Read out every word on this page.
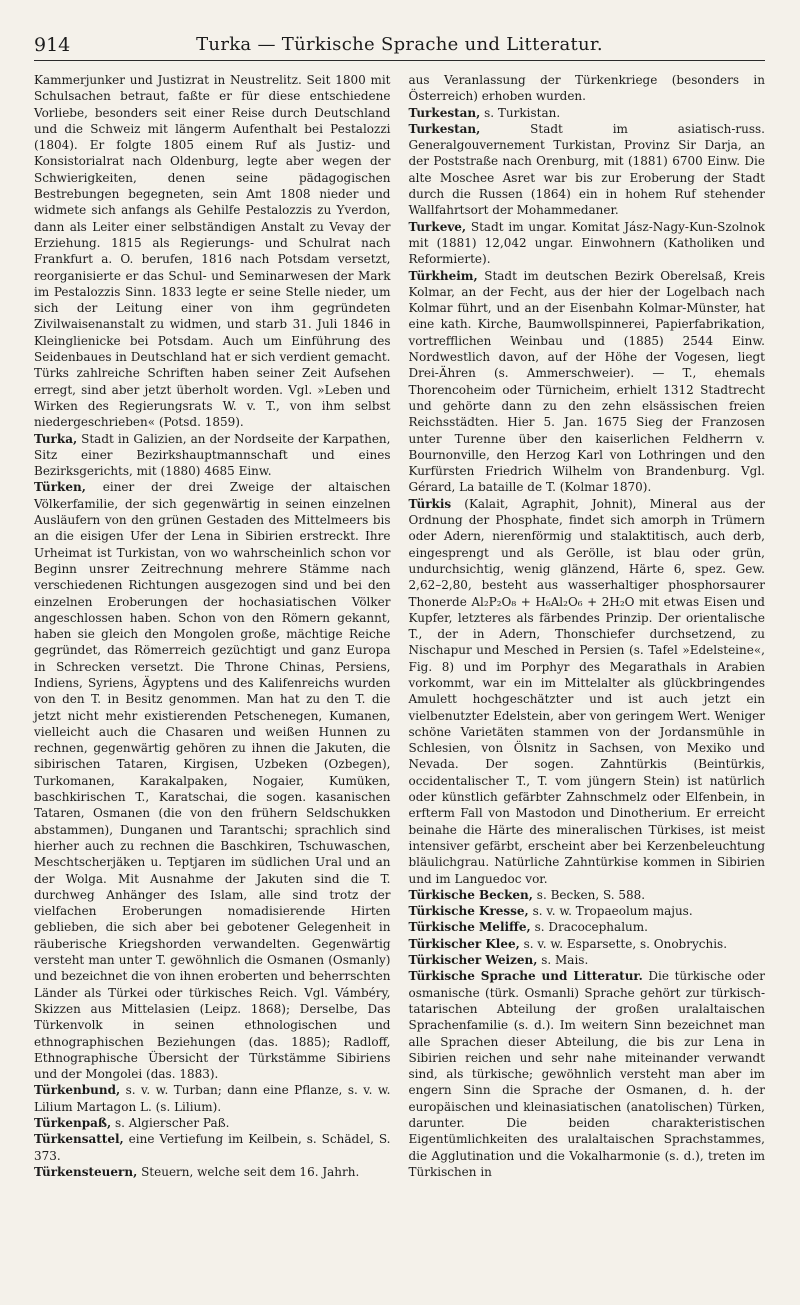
914	Turka — Türkische Sprache und Litteratur.

Kammerjunker und Justizrat in Neustrelitz. Seit 1800 mit Schulsachen betraut, faßte er für diese entschiedene Vorliebe, besonders seit einer Reise durch Deutschland und die Schweiz mit längerm Aufenthalt bei Pestalozzi (1804). Er folgte 1805 einem Ruf als Justiz- und Konsistorialrat nach Oldenburg, legte aber wegen der Schwierigkeiten, denen seine pädagogischen Bestrebungen begegneten, sein Amt 1808 nieder und widmete sich anfangs als Gehilfe Pestalozzis zu Yverdon, dann als Leiter einer selbständigen Anstalt zu Vevay der Erziehung. 1815 als Regierungs- und Schulrat nach Frankfurt a. O. berufen, 1816 nach Potsdam versetzt, reorganisierte er das Schul- und Seminarwesen der Mark im Pestalozzis Sinn. 1833 legte er seine Stelle nieder, um sich der Leitung einer von ihm gegründeten Zivilwaisenanstalt zu widmen, und starb 31. Juli 1846 in Kleinglienicke bei Potsdam. Auch um Einführung des Seidenbaues in Deutschland hat er sich verdient gemacht. Türks zahlreiche Schriften haben seiner Zeit Aufsehen erregt, sind aber jetzt überholt worden. Vgl. »Leben und Wirken des Regierungsrats W. v. T., von ihm selbst niedergeschrieben« (Potsd. 1859).

Turka, Stadt in Galizien, an der Nordseite der Karpathen, Sitz einer Bezirkshauptmannschaft und eines Bezirksgerichts, mit (1880) 4685 Einw.

Türken, einer der drei Zweige der altaischen Völkerfamilie, der sich gegenwärtig in seinen einzelnen Ausläufern von den grünen Gestaden des Mittelmeers bis an die eisigen Ufer der Lena in Sibirien erstreckt. Ihre Urheimat ist Turkistan, von wo wahrscheinlich schon vor Beginn unsrer Zeitrechnung mehrere Stämme nach verschiedenen Richtungen ausgezogen sind und bei den einzelnen Eroberungen der hochasiatischen Völker angeschlossen haben. Schon von den Römern gekannt, haben sie gleich den Mongolen große, mächtige Reiche gegründet, das Römerreich gezüchtigt und ganz Europa in Schrecken versetzt. Die Throne Chinas, Persiens, Indiens, Syriens, Ägyptens und des Kalifenreichs wurden von den T. in Besitz genommen. Man hat zu den T. die jetzt nicht mehr existierenden Petschenegen, Kumanen, vielleicht auch die Chasaren und weißen Hunnen zu rechnen, gegenwärtig gehören zu ihnen die Jakuten, die sibirischen Tataren, Kirgisen, Uzbeken (Ozbegen), Turkomanen, Karakalpaken, Nogaier, Kumüken, baschkirischen T., Karatschai, die sogen. kasanischen Tataren, Osmanen (die von den frühern Seldschukken abstammen), Dunganen und Tarantschi; sprachlich sind hierher auch zu rechnen die Baschkiren, Tschuwaschen, Meschtscherjäken u. Teptjaren im südlichen Ural und an der Wolga. Mit Ausnahme der Jakuten sind die T. durchweg Anhänger des Islam, alle sind trotz der vielfachen Eroberungen nomadisierende Hirten geblieben, die sich aber bei gebotener Gelegenheit in räuberische Kriegshorden verwandelten. Gegenwärtig versteht man unter T. gewöhnlich die Osmanen (Osmanly) und bezeichnet die von ihnen eroberten und beherrschten Länder als Türkei oder türkisches Reich. Vgl. Vámbéry, Skizzen aus Mittelasien (Leipz. 1868); Derselbe, Das Türkenvolk in seinen ethnologischen und ethnographischen Beziehungen (das. 1885); Radloff, Ethnographische Übersicht der Türkstämme Sibiriens und der Mongolei (das. 1883).

Türkenbund, s. v. w. Turban; dann eine Pflanze, s. v. w. Lilium Martagon L. (s. Lilium).

Türkenpaß, s. Algierscher Paß.

Türkensattel, eine Vertiefung im Keilbein, s. Schädel, S. 373.

Türkensteuern, Steuern, welche seit dem 16. Jahrh.

aus Veranlassung der Türkenkriege (besonders in Österreich) erhoben wurden.

Turkestan, s. Turkistan.

Turkestan,	Stadt im asiatisch-russ. Generalgouvernement Turkistan, Provinz Sir Darja, an der Poststraße nach Orenburg, mit (1881) 6700 Einw. Die alte Moschee Asret war bis zur Eroberung der Stadt durch die Russen (1864) ein in hohem Ruf stehender Wallfahrtsort der Mohammedaner.

Turkeve, Stadt im ungar. Komitat Jász-Nagy-Kun-Szolnok mit (1881) 12,042 ungar. Einwohnern (Katholiken und Reformierte).

Türkheim, Stadt im deutschen Bezirk Oberelsaß, Kreis Kolmar, an der Fecht, aus der hier der Logelbach nach Kolmar führt, und an der Eisenbahn Kolmar-Münster, hat eine kath. Kirche, Baumwollspinnerei, Papierfabrikation, vortrefflichen Weinbau und (1885) 2544 Einw. Nordwestlich davon, auf der Höhe der Vogesen, liegt Drei-Ähren (s. Ammerschweier). — T., ehemals Thorencoheim oder Türnicheim, erhielt 1312 Stadtrecht und gehörte dann zu den zehn elsässischen freien Reichsstädten. Hier 5. Jan. 1675 Sieg der Franzosen unter Turenne über den kaiserlichen Feldherrn v. Bournonville, den Herzog Karl von Lothringen und den Kurfürsten Friedrich Wilhelm von Brandenburg. Vgl. Gérard, La bataille de T. (Kolmar 1870).

Türkis (Kalait, Agraphit, Johnit), Mineral aus der Ordnung der Phosphate, findet sich amorph in Trümern oder Adern, nierenförmig und stalaktitisch, auch derb, eingesprengt und als Gerölle, ist blau oder grün, undurchsichtig, wenig glänzend, Härte 6, spez. Gew. 2,62–2,80, besteht aus wasserhaltiger phosphorsaurer Thonerde Al₂P₂O₈ + H₆Al₂O₆ + 2H₂O mit etwas Eisen und Kupfer, letzteres als färbendes Prinzip. Der orientalische T., der in Adern, Thonschiefer durchsetzend, zu Nischapur und Mesched in Persien (s. Tafel »Edelsteine«, Fig. 8) und im Porphyr des Megarathals in Arabien vorkommt, war ein im Mittelalter als glückbringendes Amulett hochgeschätzter und ist auch jetzt ein vielbenutzter Edelstein, aber von geringem Wert. Weniger schöne Varietäten stammen von der Jordansmühle in Schlesien, von Ölsnitz in Sachsen, von Mexiko und Nevada. Der sogen. Zahntürkis (Beintürkis, occidentalischer T., T. vom jüngern Stein) ist natürlich oder künstlich gefärbter Zahnschmelz oder Elfenbein, in erfterm Fall von Mastodon und Dinotherium. Er erreicht beinahe die Härte des mineralischen Türkises, ist meist intensiver gefärbt, erscheint aber bei Kerzenbeleuchtung bläulichgrau. Natürliche Zahntürkise kommen in Sibirien und im Languedoc vor.

Türkische Becken, s. Becken, S. 588.

Türkische Kresse, s. v. w. Tropaeolum majus.

Türkische Meliffe, s. Dracocephalum.

Türkischer Klee, s. v. w. Esparsette, s. Onobrychis.

Türkischer Weizen, s. Mais.

Türkische Sprache und Litteratur. Die türkische oder osmanische (türk. Osmanli) Sprache gehört zur türkisch-tatarischen Abteilung der großen uralaltaischen Sprachenfamilie (s. d.). Im weitern Sinn bezeichnet man alle Sprachen dieser Abteilung, die bis zur Lena in Sibirien reichen und sehr nahe miteinander verwandt sind, als türkische; gewöhnlich versteht man aber im engern Sinn die Sprache der Osmanen, d. h. der europäischen und kleinasiatischen (anatolischen) Türken, darunter. Die beiden charakteristischen Eigentümlichkeiten des uralaltaischen Sprachstammes, die Agglutination und die Vokalharmonie (s. d.), treten im Türkischen in
